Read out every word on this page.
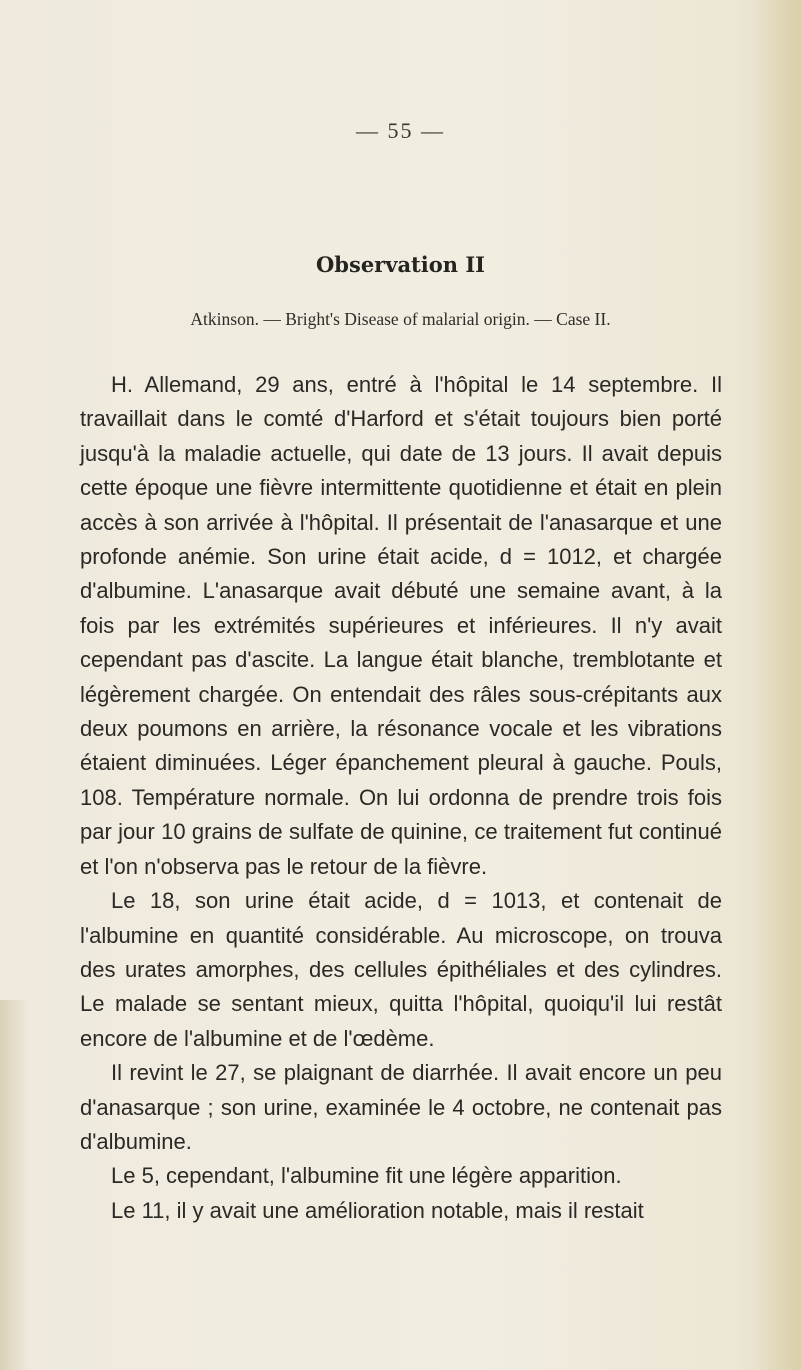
— 55 —
Observation II
Atkinson. — Bright's Disease of malarial origin. — Case II.

H. Allemand, 29 ans, entré à l'hôpital le 14 septembre. Il travaillait dans le comté d'Harford et s'était toujours bien porté jusqu'à la maladie actuelle, qui date de 13 jours. Il avait depuis cette époque une fièvre intermittente quotidienne et était en plein accès à son arrivée à l'hôpital. Il présentait de l'anasarque et une profonde anémie. Son urine était acide, d = 1012, et chargée d'albumine. L'anasarque avait débuté une semaine avant, à la fois par les extrémités supérieures et inférieures. Il n'y avait cependant pas d'ascite. La langue était blanche, tremblotante et légèrement chargée. On entendait des râles sous-crépitants aux deux poumons en arrière, la résonance vocale et les vibrations étaient diminuées. Léger épanchement pleural à gauche. Pouls, 108. Température normale. On lui ordonna de prendre trois fois par jour 10 grains de sulfate de quinine, ce traitement fut continué et l'on n'observa pas le retour de la fièvre.

Le 18, son urine était acide, d = 1013, et contenait de l'albumine en quantité considérable. Au microscope, on trouva des urates amorphes, des cellules épithéliales et des cylindres. Le malade se sentant mieux, quitta l'hôpital, quoiqu'il lui restât encore de l'albumine et de l'œdème.

Il revint le 27, se plaignant de diarrhée. Il avait encore un peu d'anasarque ; son urine, examinée le 4 octobre, ne contenait pas d'albumine.

Le 5, cependant, l'albumine fit une légère apparition.

Le 11, il y avait une amélioration notable, mais il restait
